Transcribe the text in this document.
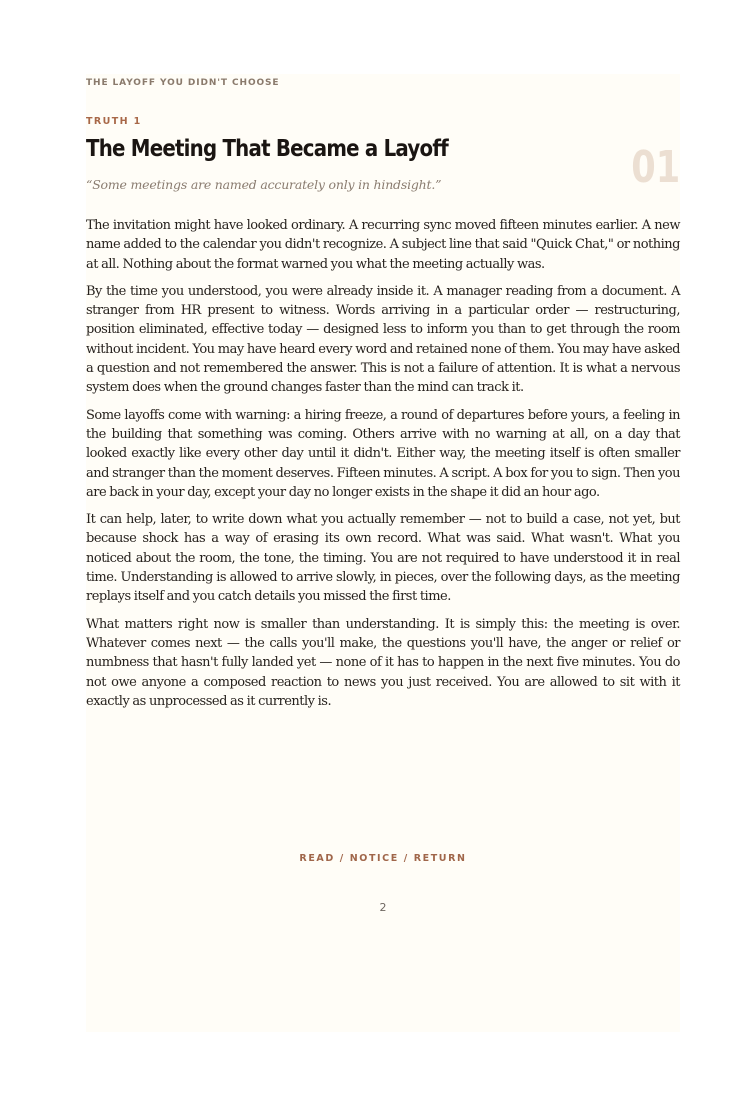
THE LAYOFF YOU DIDN'T CHOOSE
TRUTH 1
The Meeting That Became a Layoff	01
“Some meetings are named accurately only in hindsight.”

The invitation might have looked ordinary. A recurring sync moved fifteen minutes earlier. A new name added to the calendar you didn't recognize. A subject line that said "Quick Chat," or nothing at all. Nothing about the format warned you what the meeting actually was.

By the time you understood, you were already inside it. A manager reading from a document. A stranger from HR present to witness. Words arriving in a particular order — restructuring, position eliminated, effective today — designed less to inform you than to get through the room without incident. You may have heard every word and retained none of them. You may have asked a question and not remembered the answer. This is not a failure of attention. It is what a nervous system does when the ground changes faster than the mind can track it.

Some layoffs come with warning: a hiring freeze, a round of departures before yours, a feeling in the building that something was coming. Others arrive with no warning at all, on a day that looked exactly like every other day until it didn't. Either way, the meeting itself is often smaller and stranger than the moment deserves. Fifteen minutes. A script. A box for you to sign. Then you are back in your day, except your day no longer exists in the shape it did an hour ago.

It can help, later, to write down what you actually remember — not to build a case, not yet, but because shock has a way of erasing its own record. What was said. What wasn't. What you noticed about the room, the tone, the timing. You are not required to have understood it in real time. Understanding is allowed to arrive slowly, in pieces, over the following days, as the meeting replays itself and you catch details you missed the first time.

What matters right now is smaller than understanding. It is simply this: the meeting is over. Whatever comes next — the calls you'll make, the questions you'll have, the anger or relief or numbness that hasn't fully landed yet — none of it has to happen in the next five minutes. You do not owe anyone a composed reaction to news you just received. You are allowed to sit with it exactly as unprocessed as it currently is.

READ / NOTICE / RETURN
2
